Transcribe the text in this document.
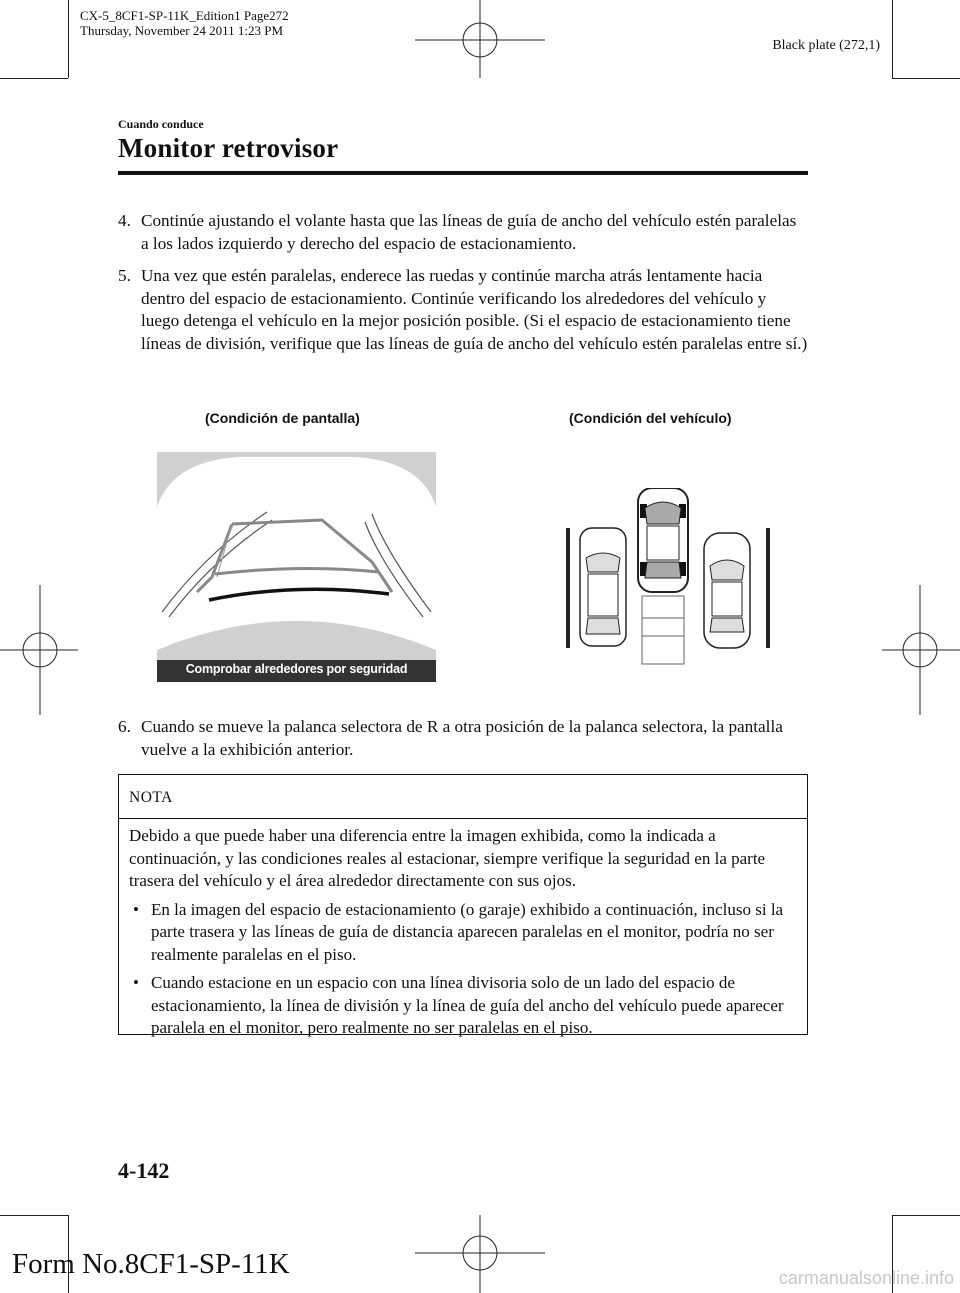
CX-5_8CF1-SP-11K_Edition1 Page272
Thursday, November 24 2011 1:23 PM
Black plate (272,1)
Cuando conduce
Monitor retrovisor
4. Continúe ajustando el volante hasta que las líneas de guía de ancho del vehículo estén paralelas a los lados izquierdo y derecho del espacio de estacionamiento.
5. Una vez que estén paralelas, enderece las ruedas y continúe marcha atrás lentamente hacia dentro del espacio de estacionamiento. Continúe verificando los alrededores del vehículo y luego detenga el vehículo en la mejor posición posible. (Si el espacio de estacionamiento tiene líneas de división, verifique que las líneas de guía de ancho del vehículo estén paralelas entre sí.)
(Condición de pantalla)	(Condición del vehículo)
Comprobar alrededores por seguridad
6. Cuando se mueve la palanca selectora de R a otra posición de la palanca selectora, la pantalla vuelve a la exhibición anterior.
NOTA
Debido a que puede haber una diferencia entre la imagen exhibida, como la indicada a continuación, y las condiciones reales al estacionar, siempre verifique la seguridad en la parte trasera del vehículo y el área alrededor directamente con sus ojos.
• En la imagen del espacio de estacionamiento (o garaje) exhibido a continuación, incluso si la parte trasera y las líneas de guía de distancia aparecen paralelas en el monitor, podría no ser realmente paralelas en el piso.
• Cuando estacione en un espacio con una línea divisoria solo de un lado del espacio de estacionamiento, la línea de división y la línea de guía del ancho del vehículo puede aparecer paralela en el monitor, pero realmente no ser paralelas en el piso.
4-142
Form No.8CF1-SP-11K	carmanualsonline.info
